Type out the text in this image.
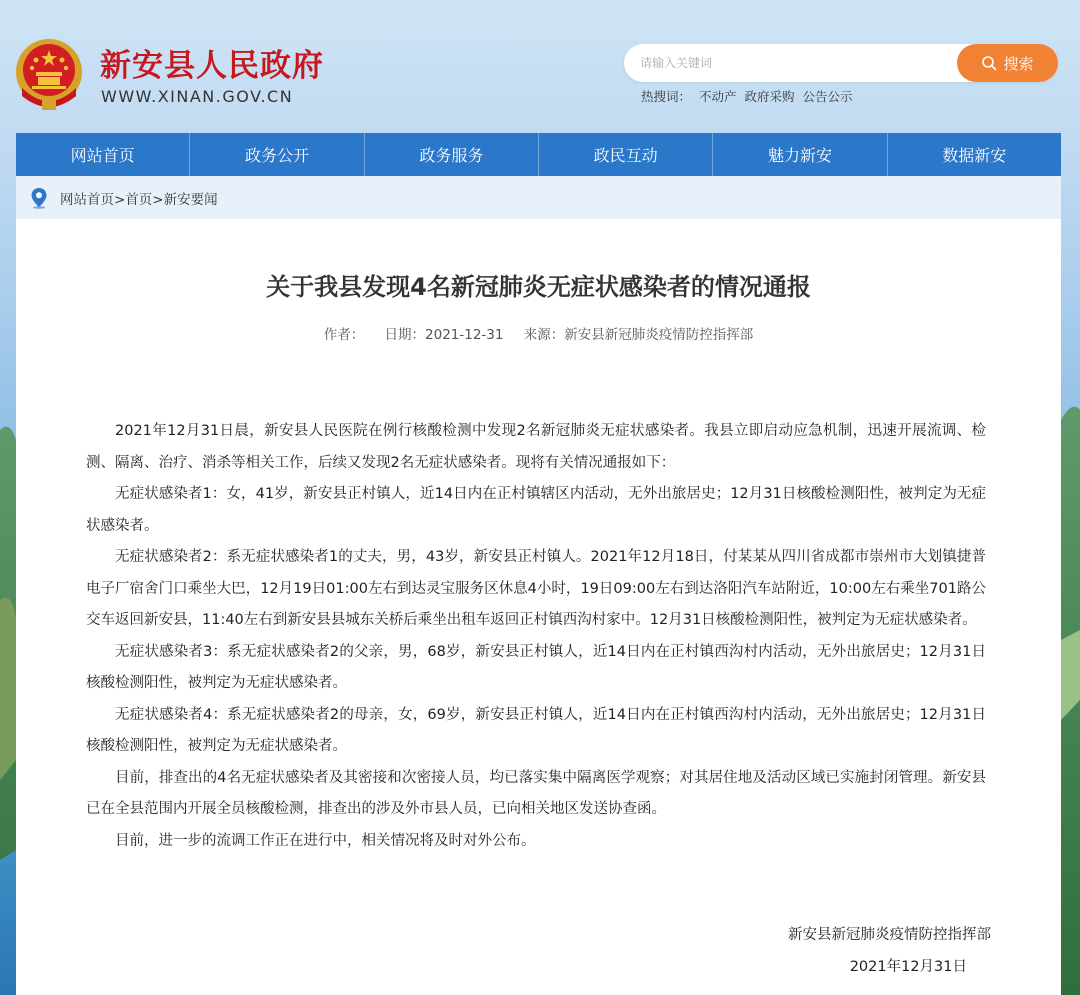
新安县人民政府
WWW.XINAN.GOV.CN
请输入关键词
搜索
热搜词： 不动产 政府采购 公告公示
网站首页	政务公开	政务服务	政民互动	魅力新安	数据新安
网站首页>首页>新安要闻
关于我县发现4名新冠肺炎无症状感染者的情况通报
作者： 日期：2021-12-31 来源：新安县新冠肺炎疫情防控指挥部

2021年12月31日晨，新安县人民医院在例行核酸检测中发现2名新冠肺炎无症状感染者。我县立即启动应急机制，迅速开展流调、检测、隔离、治疗、消杀等相关工作，后续又发现2名无症状感染者。现将有关情况通报如下：

无症状感染者1：女，41岁，新安县正村镇人，近14日内在正村镇辖区内活动，无外出旅居史；12月31日核酸检测阳性，被判定为无症状感染者。

无症状感染者2：系无症状感染者1的丈夫，男，43岁，新安县正村镇人。2021年12月18日，付某某从四川省成都市崇州市大划镇捷普电子厂宿舍门口乘坐大巴，12月19日01:00左右到达灵宝服务区休息4小时，19日09:00左右到达洛阳汽车站附近，10:00左右乘坐701路公交车返回新安县，11:40左右到新安县县城东关桥后乘坐出租车返回正村镇西沟村家中。12月31日核酸检测阳性，被判定为无症状感染者。

无症状感染者3：系无症状感染者2的父亲，男，68岁，新安县正村镇人，近14日内在正村镇西沟村内活动，无外出旅居史；12月31日核酸检测阳性，被判定为无症状感染者。

无症状感染者4：系无症状感染者2的母亲，女，69岁，新安县正村镇人，近14日内在正村镇西沟村内活动，无外出旅居史；12月31日核酸检测阳性，被判定为无症状感染者。

目前，排查出的4名无症状感染者及其密接和次密接人员，均已落实集中隔离医学观察；对其居住地及活动区域已实施封闭管理。新安县已在全县范围内开展全员核酸检测，排查出的涉及外市县人员，已向相关地区发送协查函。

目前，进一步的流调工作正在进行中，相关情况将及时对外公布。

新安县新冠肺炎疫情防控指挥部
2021年12月31日
